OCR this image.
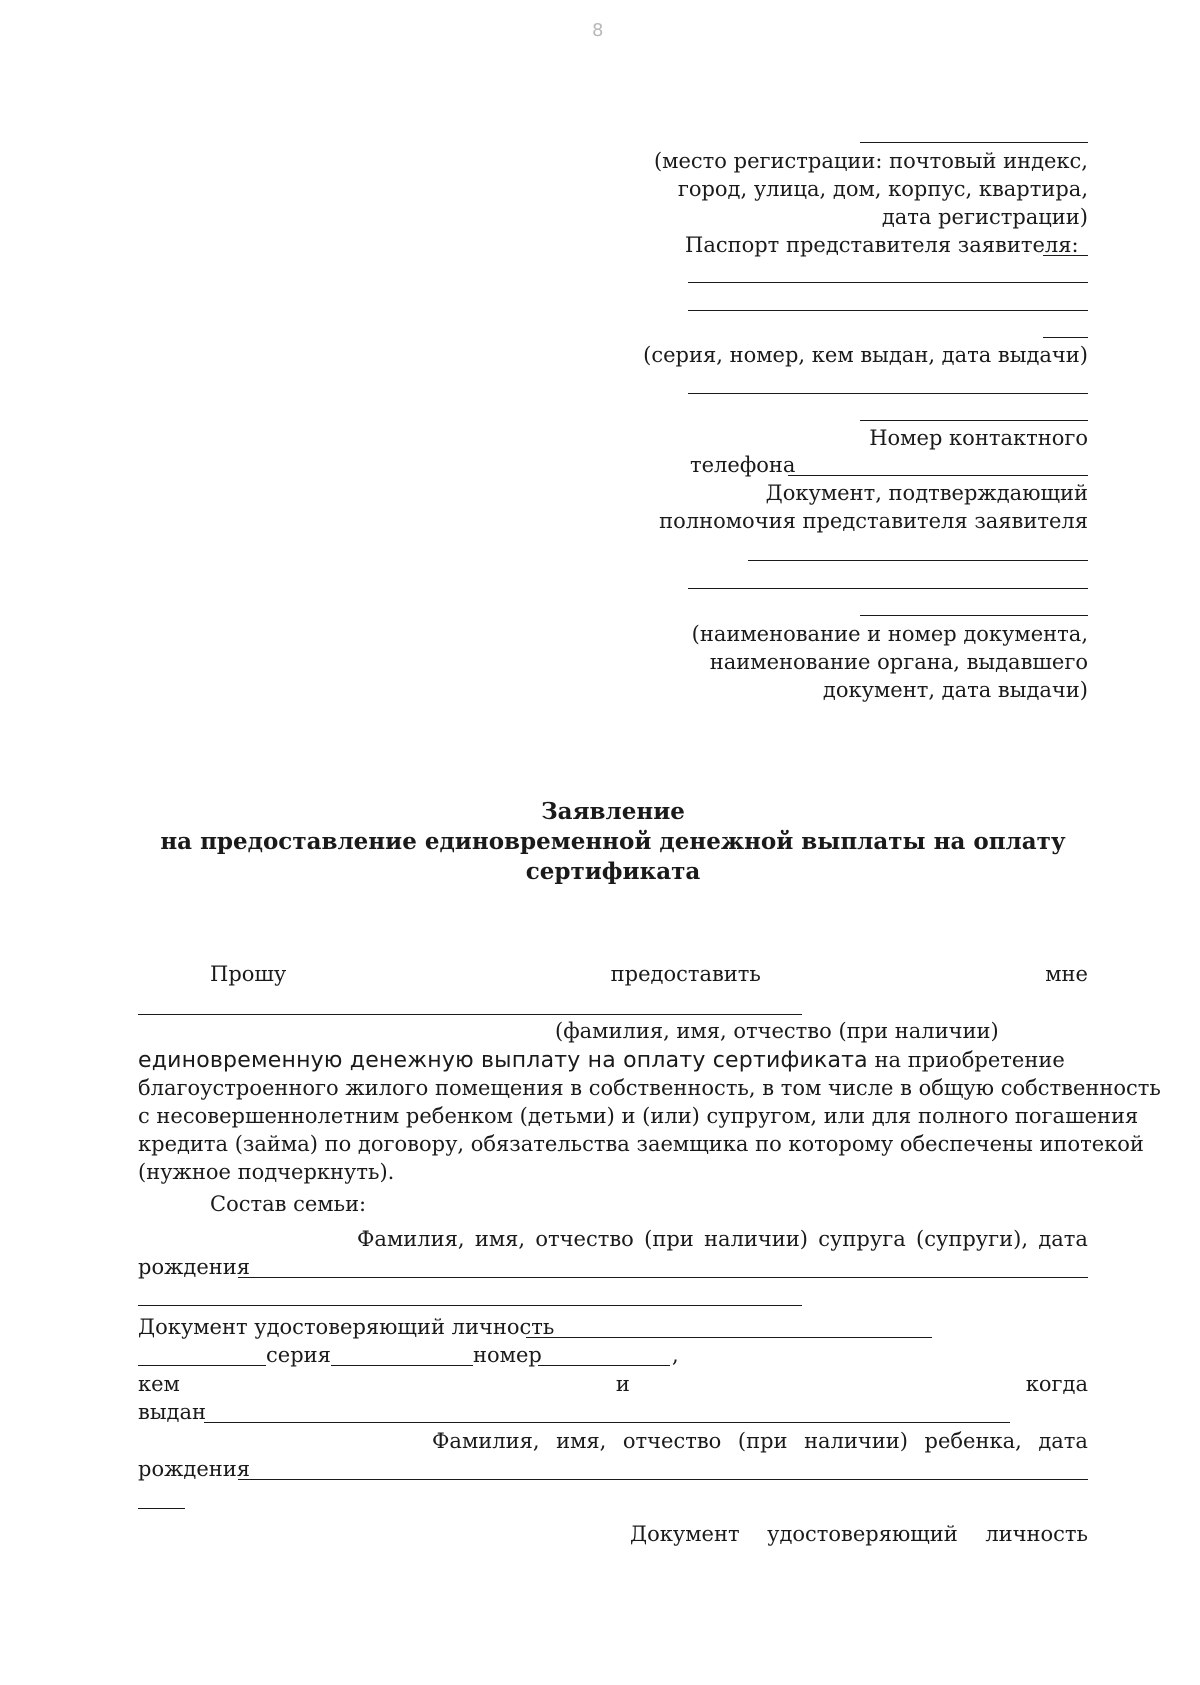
8
(место регистрации: почтовый индекс,
город, улица, дом, корпус, квартира,
дата регистрации)
Паспорт представителя заявителя:
(серия, номер, кем выдан, дата выдачи)
Номер контактного
телефона
Документ, подтверждающий
полномочия представителя заявителя
(наименование и номер документа,
наименование органа, выдавшего
документ, дата выдачи)
Заявление
на предоставление единовременной денежной выплаты на оплату
сертификата
Прошу	предоставить	мне
(фамилия, имя, отчество (при наличии)
единовременную денежную выплату на оплату сертификата на приобретение
благоустроенного жилого помещения в собственность, в том числе в общую собственность
с несовершеннолетним ребенком (детьми) и (или) супругом, или для полного погашения
кредита (займа) по договору, обязательства заемщика по которому обеспечены ипотекой
(нужное подчеркнуть).
Состав семьи:
Фамилия, имя, отчество (при наличии) супруга (супруги), дата
рождения
Документ удостоверяющий личность
серия	номер	,
кем	и	когда
выдан
Фамилия, имя, отчество (при наличии) ребенка, дата
рождения
Документ удостоверяющий личность
